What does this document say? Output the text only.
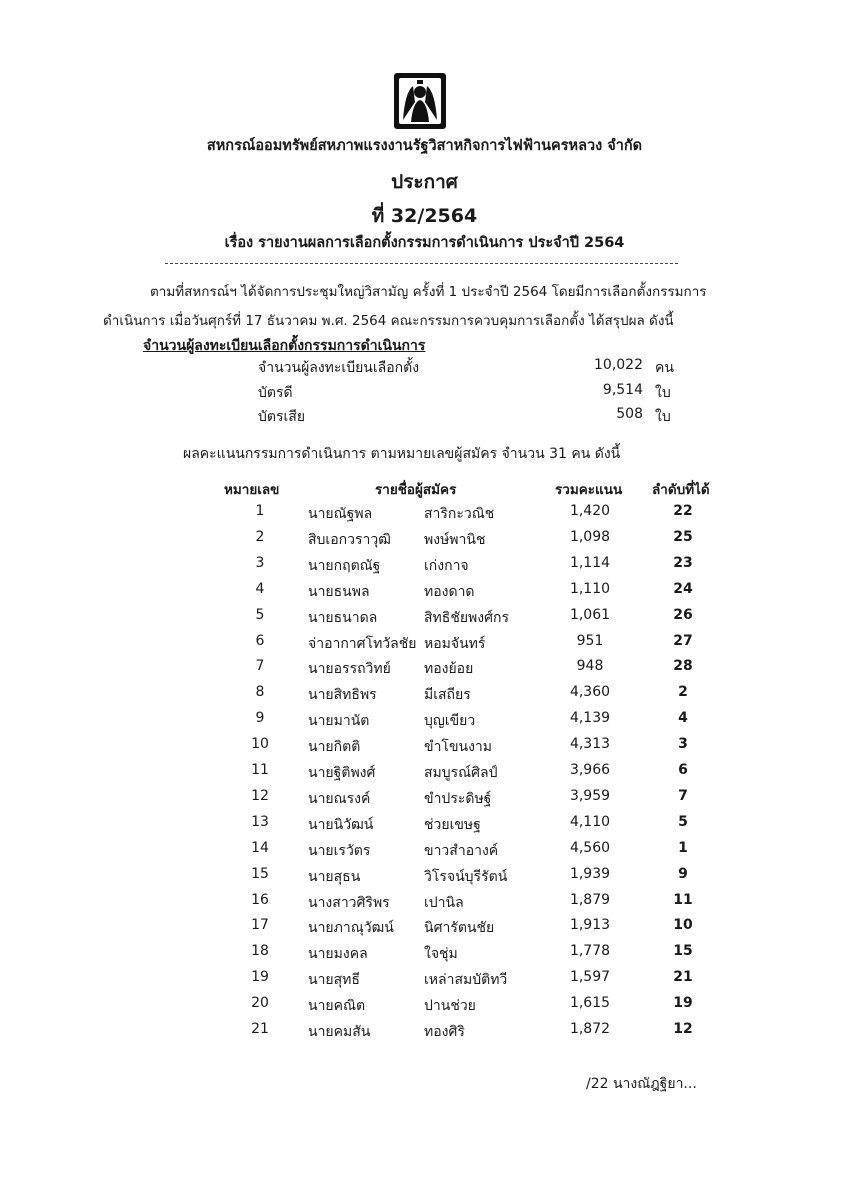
สหกรณ์ออมทรัพย์สหภาพแรงงานรัฐวิสาหกิจการไฟฟ้านครหลวง จำกัด
ประกาศ
ที่ 32/2564
เรื่อง รายงานผลการเลือกตั้งกรรมการดำเนินการ ประจำปี 2564
ตามที่สหกรณ์ฯ ได้จัดการประชุมใหญ่วิสามัญ ครั้งที่ 1 ประจำปี 2564 โดยมีการเลือกตั้งกรรมการ
ดำเนินการ เมื่อวันศุกร์ที่ 17 ธันวาคม พ.ศ. 2564 คณะกรรมการควบคุมการเลือกตั้ง ได้สรุปผล ดังนี้
จำนวนผู้ลงทะเบียนเลือกตั้งกรรมการดำเนินการ
จำนวนผู้ลงทะเบียนเลือกตั้ง	10,022 คน
บัตรดี	9,514 ใบ
บัตรเสีย	508 ใบ
ผลคะแนนกรรมการดำเนินการ ตามหมายเลขผู้สมัคร จำนวน 31 คน ดังนี้
หมายเลข	รายชื่อผู้สมัคร	รวมคะแนน ลำดับที่ได้
1	นายณัฐพล	สาริกะวณิช	1,420	22
2	สิบเอกวราวุฒิ พงษ์พานิช	1,098	25
3	นายกฤตณัฐ	เก่งกาจ	1,114	23
4	นายธนพล	ทองดาด	1,110	24
5	นายธนาดล	สิทธิชัยพงศ์กร	1,061	26
6	จ่าอากาศโทวัลชัย หอมจันทร์	951	27
7	นายอรรถวิทย์ ทองย้อย	948	28
8	นายสิทธิพร	มีเสถียร	4,360	2
9	นายมานัต	บุญเขียว	4,139	4
10	นายกิตติ	ขำโขนงาม	4,313	3
11	นายฐิติพงศ์	สมบูรณ์ศิลป์	3,966	6
12	นายณรงค์	ขำประดิษฐ์	3,959	7
13	นายนิวัฒน์	ช่วยเขษฐ	4,110	5
14	นายเรวัตร	ขาวสำอางค์	4,560	1
15	นายสุธน	วิโรจน์บุรีรัตน์	1,939	9
16	นางสาวศิริพร เปานิล	1,879	11
17	นายภาณุวัฒน์ นิศารัตนชัย	1,913	10
18	นายมงคล	ใจชุ่ม	1,778	15
19	นายสุทธี	เหล่าสมบัติทวี	1,597	21
20	นายคณิต	ปานช่วย	1,615	19
21	นายคมสัน	ทองศิริ	1,872	12
/22 นางณัฎฐิยา...
